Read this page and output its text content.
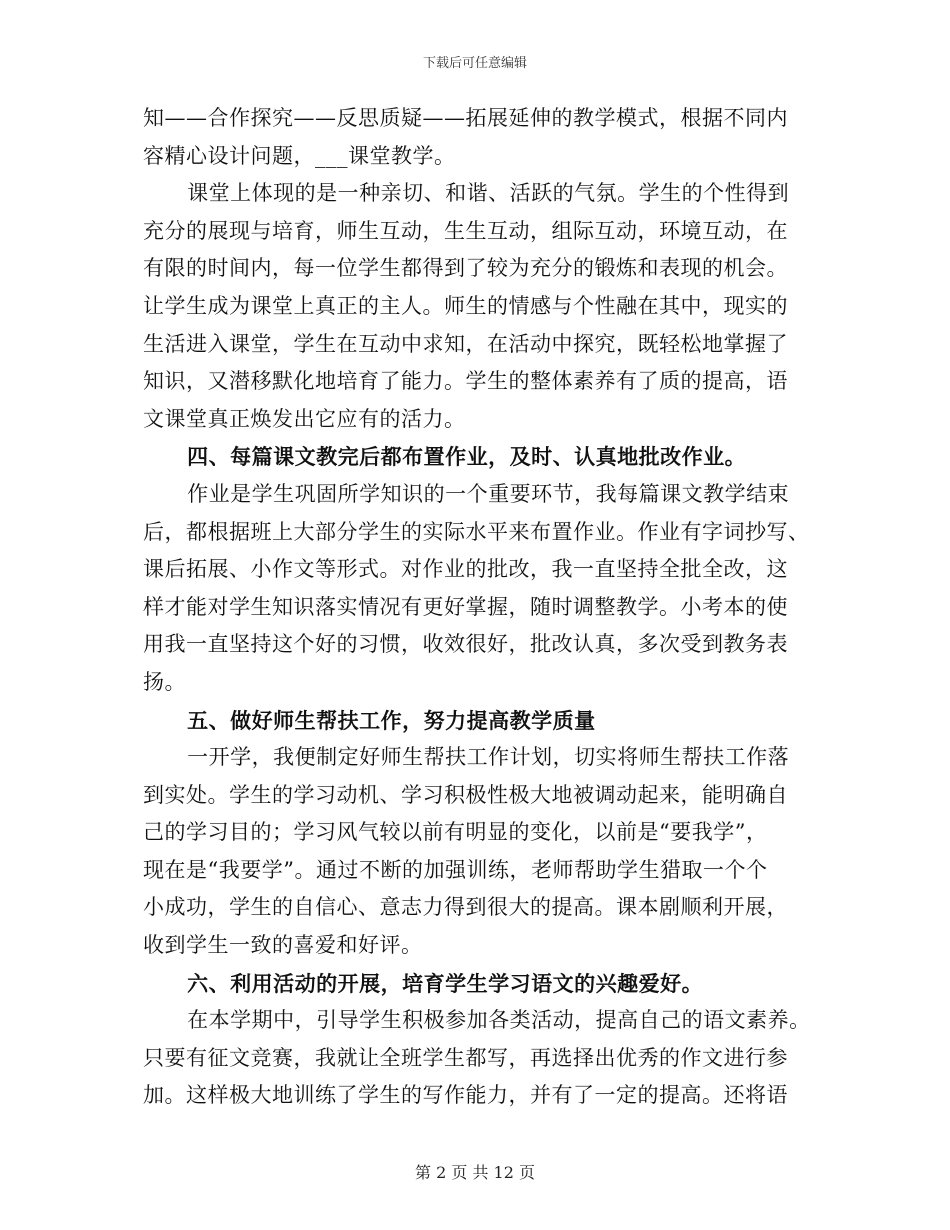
下载后可任意编辑
知——合作探究——反思质疑——拓展延伸的教学模式，根据不同内
容精心设计问题，___课堂教学。
课堂上体现的是一种亲切、和谐、活跃的气氛。学生的个性得到
充分的展现与培育，师生互动，生生互动，组际互动，环境互动，在
有限的时间内，每一位学生都得到了较为充分的锻炼和表现的机会。
让学生成为课堂上真正的主人。师生的情感与个性融在其中，现实的
生活进入课堂，学生在互动中求知，在活动中探究，既轻松地掌握了
知识，又潜移默化地培育了能力。学生的整体素养有了质的提高，语
文课堂真正焕发出它应有的活力。
四、每篇课文教完后都布置作业，及时、认真地批改作业。
作业是学生巩固所学知识的一个重要环节，我每篇课文教学结束
后，都根据班上大部分学生的实际水平来布置作业。作业有字词抄写、
课后拓展、小作文等形式。对作业的批改，我一直坚持全批全改，这
样才能对学生知识落实情况有更好掌握，随时调整教学。小考本的使
用我一直坚持这个好的习惯，收效很好，批改认真，多次受到教务表
扬。
五、做好师生帮扶工作，努力提高教学质量
一开学，我便制定好师生帮扶工作计划，切实将师生帮扶工作落
到实处。学生的学习动机、学习积极性极大地被调动起来，能明确自
己的学习目的；学习风气较以前有明显的变化，以前是“要我学”，
现在是“我要学”。通过不断的加强训练，老师帮助学生猎取一个个
小成功，学生的自信心、意志力得到很大的提高。课本剧顺利开展，
收到学生一致的喜爱和好评。
六、利用活动的开展，培育学生学习语文的兴趣爱好。
在本学期中，引导学生积极参加各类活动，提高自己的语文素养。
只要有征文竞赛，我就让全班学生都写，再选择出优秀的作文进行参
加。这样极大地训练了学生的写作能力，并有了一定的提高。还将语
第 2 页 共 12 页
